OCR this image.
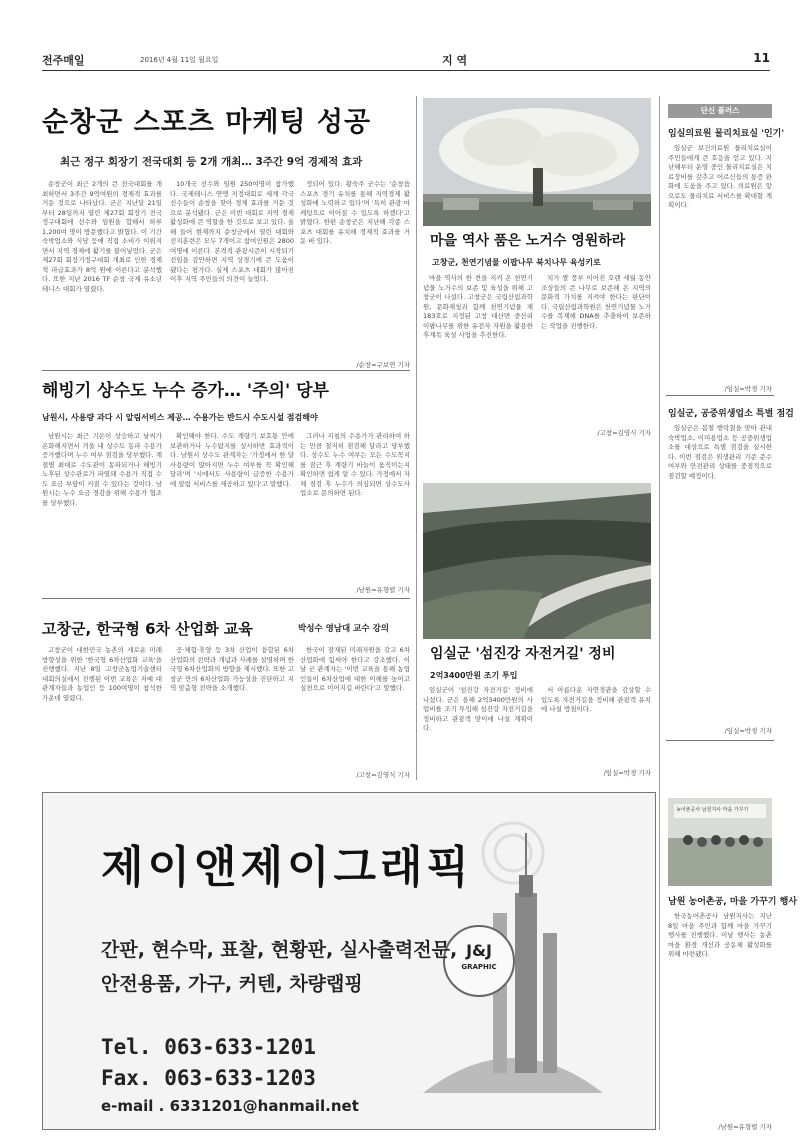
전주매일	2016년 4월 11일 월요일	지 역	11
순창군 스포츠 마케팅 성공
최근 정구 회장기 전국대회 등 2개 개최… 3주간 9억 경제적 효과

순창군이 최근 2개의 큰 전국대회를 개최하면서 3주간 9억여원의 경제적 효과를 거둔 것으로 나타났다. 군은 지난달 21일부터 28일까지 열린 제27회 회장기 전국 정구대회에 선수와 임원을 합해서 하루 1,200여 명이 방문했다고 밝혔다. 이 기간 숙박업소와 식당 등에 직접 소비가 이뤄지면서 지역 경제에 활기를 불어넣었다. 군은 제27회 회장기정구대회 개최로 인한 경제적 파급효과가 8억 원에 이른다고 분석했다. 또한 지난 2016 TF 순창 국제 유소년 테니스 대회가 열렸다.

10개국 선수와 임원 250여명이 참가했다. 국제테니스 연맹 지정대회로 세계 각국 선수들이 순창을 찾아 경제 효과를 거둔 것으로 분석됐다. 군은 이번 대회로 지역 경제 활성화에 큰 역할을 한 것으로 보고 있다. 올해 들어 현재까지 순창군에서 열린 대회와 전지훈련은 모두 7개이고 참여인원은 2800여명에 이른다. 본격적 관광시즌이 시작되기 전임을 감안하면 지역 상경기에 큰 도움이 됐다는 평가다. 실제 스포츠 대회가 많아진 이후 지역 주민들의 의견이 늘었다.

정되어 있다. 황숙주 군수는 '순창읍 스포츠 경기 유치를 통해 지역경제 활성화에 노력하고 있다'며 '특히 관광 마케팅으로 이어질 수 있도록 하겠다'고 밝혔다. 한편 순창군은 지난해 각종 스포츠 대회를 유치해 경제적 효과를 거둔 바 있다.

/순창=구보연 기자
해빙기 상수도 누수 증가… '주의' 당부
남원시, 사용량 과다 시 알림서비스 제공… 수용가는 반드시 수도시설 점검해야

남원시는 최근 기온이 상승하고 날씨가 온화해지면서 겨울 내 상수도 동파 수용가 증가했다며 누수 여부 점검을 당부했다. 계절별 최대로 수도관이 동파되거나 해빙기 노후된 상수관로가 파열돼 수용가 직접 수도 요금 부담이 커질 수 있다는 것이다. 남원시는 누수 요금 경감을 위해 수용가 협조를 당부했다.

확인해야 한다. 수도 계량기 보호통 안에 보관하거나 누수탐지를 실시하면 효과적이다. 남원시 상수도 관계자는 '가정에서 한 달 사용량이 많아지면 누수 여부를 꼭 확인해 달라'며 '시에서도 사용량이 급증한 수용가에 알림 서비스를 제공하고 있다'고 말했다.

그러나 지침의 수용가가 관리하여 하는 만큼 철저히 점검해 달라고 당부했다. 상수도 누수 여부는 모든 수도꼭지를 잠근 후 계량기 바늘이 움직이는지 확인하면 쉽게 알 수 있다. 가정에서 자체 점검 후 누수가 의심되면 상수도사업소로 문의하면 된다.

/남원=유형렬 기자
고창군, 한국형 6차 산업화 교육	박성수 영남대 교수 강의

고창군이 대한민국 농촌의 새로운 미래 방향성을 위한 '한국형 6차산업화 교육'을 진행했다. 지난 8일 고창군농업기술센터 대회의실에서 진행된 이번 교육은 저예 대 관계자들과 농업인 등 100여명이 참석한 가운데 열렸다.

공·체험·휴양 등 3차 산업이 융합된 6차 산업화의 전략과 개념과 사례를 설명하며 한국형 6차산업화의 방향을 제시했다. 또한 고창군 만의 6차산업화 가능성을 진단하고 지역 맞춤형 전략을 소개했다.

한국이 잠재된 미래자원을 갖고 6차 산업화에 힘써야 한다고 강조했다. 이날 군 관계자는 '이번 교육을 통해 농업인들이 6차산업에 대한 이해를 높이고 실천으로 이어지길 바란다'고 말했다.

/고창=김영식 기자
마을 역사 품은 노거수 영원하라
고창군, 천연기념물 이팝나무 북치나무 육성키로

마을 역사의 한 켠을 지켜 온 천연기념물 노거수의 보존 및 육성을 위해 고창군이 나섰다. 고창군은 국립산림과학원, 문화재청과 함께 천연기념물 제183호로 지정된 고창 대산면 중산리 이팝나무를 위한 유전자 자원을 활용한 후계목 육성 사업을 추진한다.

치가 쌀 풍부 이어진 오랜 세월 동안 조상들의 큰 나무로 보존해 온 지역의 문화적 가치를 지켜야 한다는 판단이다. 국립산림과학원은 천연기념물 노거수를 복제해 DNA를 추출하여 보존하는 작업을 진행한다.

/고창=김영식 기자
임실군 '섬진강 자전거길' 정비
2억3400만원 조기 투입

임실군이 '섬진강 자전거길' 정비에 나섰다. 군은 올해 2억3400만원의 사업비를 조기 투입해 섬진강 자전거길을 정비하고 관광객 맞이에 나설 계획이다.

서 아름다운 자연경관을 감상할 수 있도록 자전거길을 정비해 관광객 유치에 나설 방침이다.

/임실=박경 기자
단신 플러스
임실의료원 물리치료실 '인기'

임실군 보건의료원 물리치료실이 주민들에게 큰 호응을 얻고 있다. 지난해부터 운영 중인 물리치료실은 치료장비를 갖추고 어르신들의 통증 완화에 도움을 주고 있다. 의료원은 앞으로도 물리치료 서비스를 확대할 계획이다.

/임실=박경 기자
임실군, 공중위생업소 특별 점검

임실군은 봄철 행락철을 맞아 관내 숙박업소, 이미용업소 등 공중위생업소를 대상으로 특별 점검을 실시한다. 이번 점검은 위생관리 기준 준수 여부와 안전관리 상태를 중점적으로 점검할 예정이다.

/임실=박경 기자
농어촌공사 남원지사 마을 가꾸기
남원 농어촌공, 마을 가꾸기 행사

한국농어촌공사 남원지사는 지난 8일 마을 주민과 함께 마을 가꾸기 행사를 진행했다. 이날 행사는 농촌마을 환경 개선과 공동체 활성화를 위해 마련됐다.

/남원=유형렬 기자
제이앤제이그래픽
J&J
GRAPHIC
간판, 현수막, 표찰, 현황판, 실사출력전문,
안전용품, 가구, 커텐, 차량랩핑
Tel. 063-633-1201
Fax. 063-633-1203
e-mail . 6331201@hanmail.net
